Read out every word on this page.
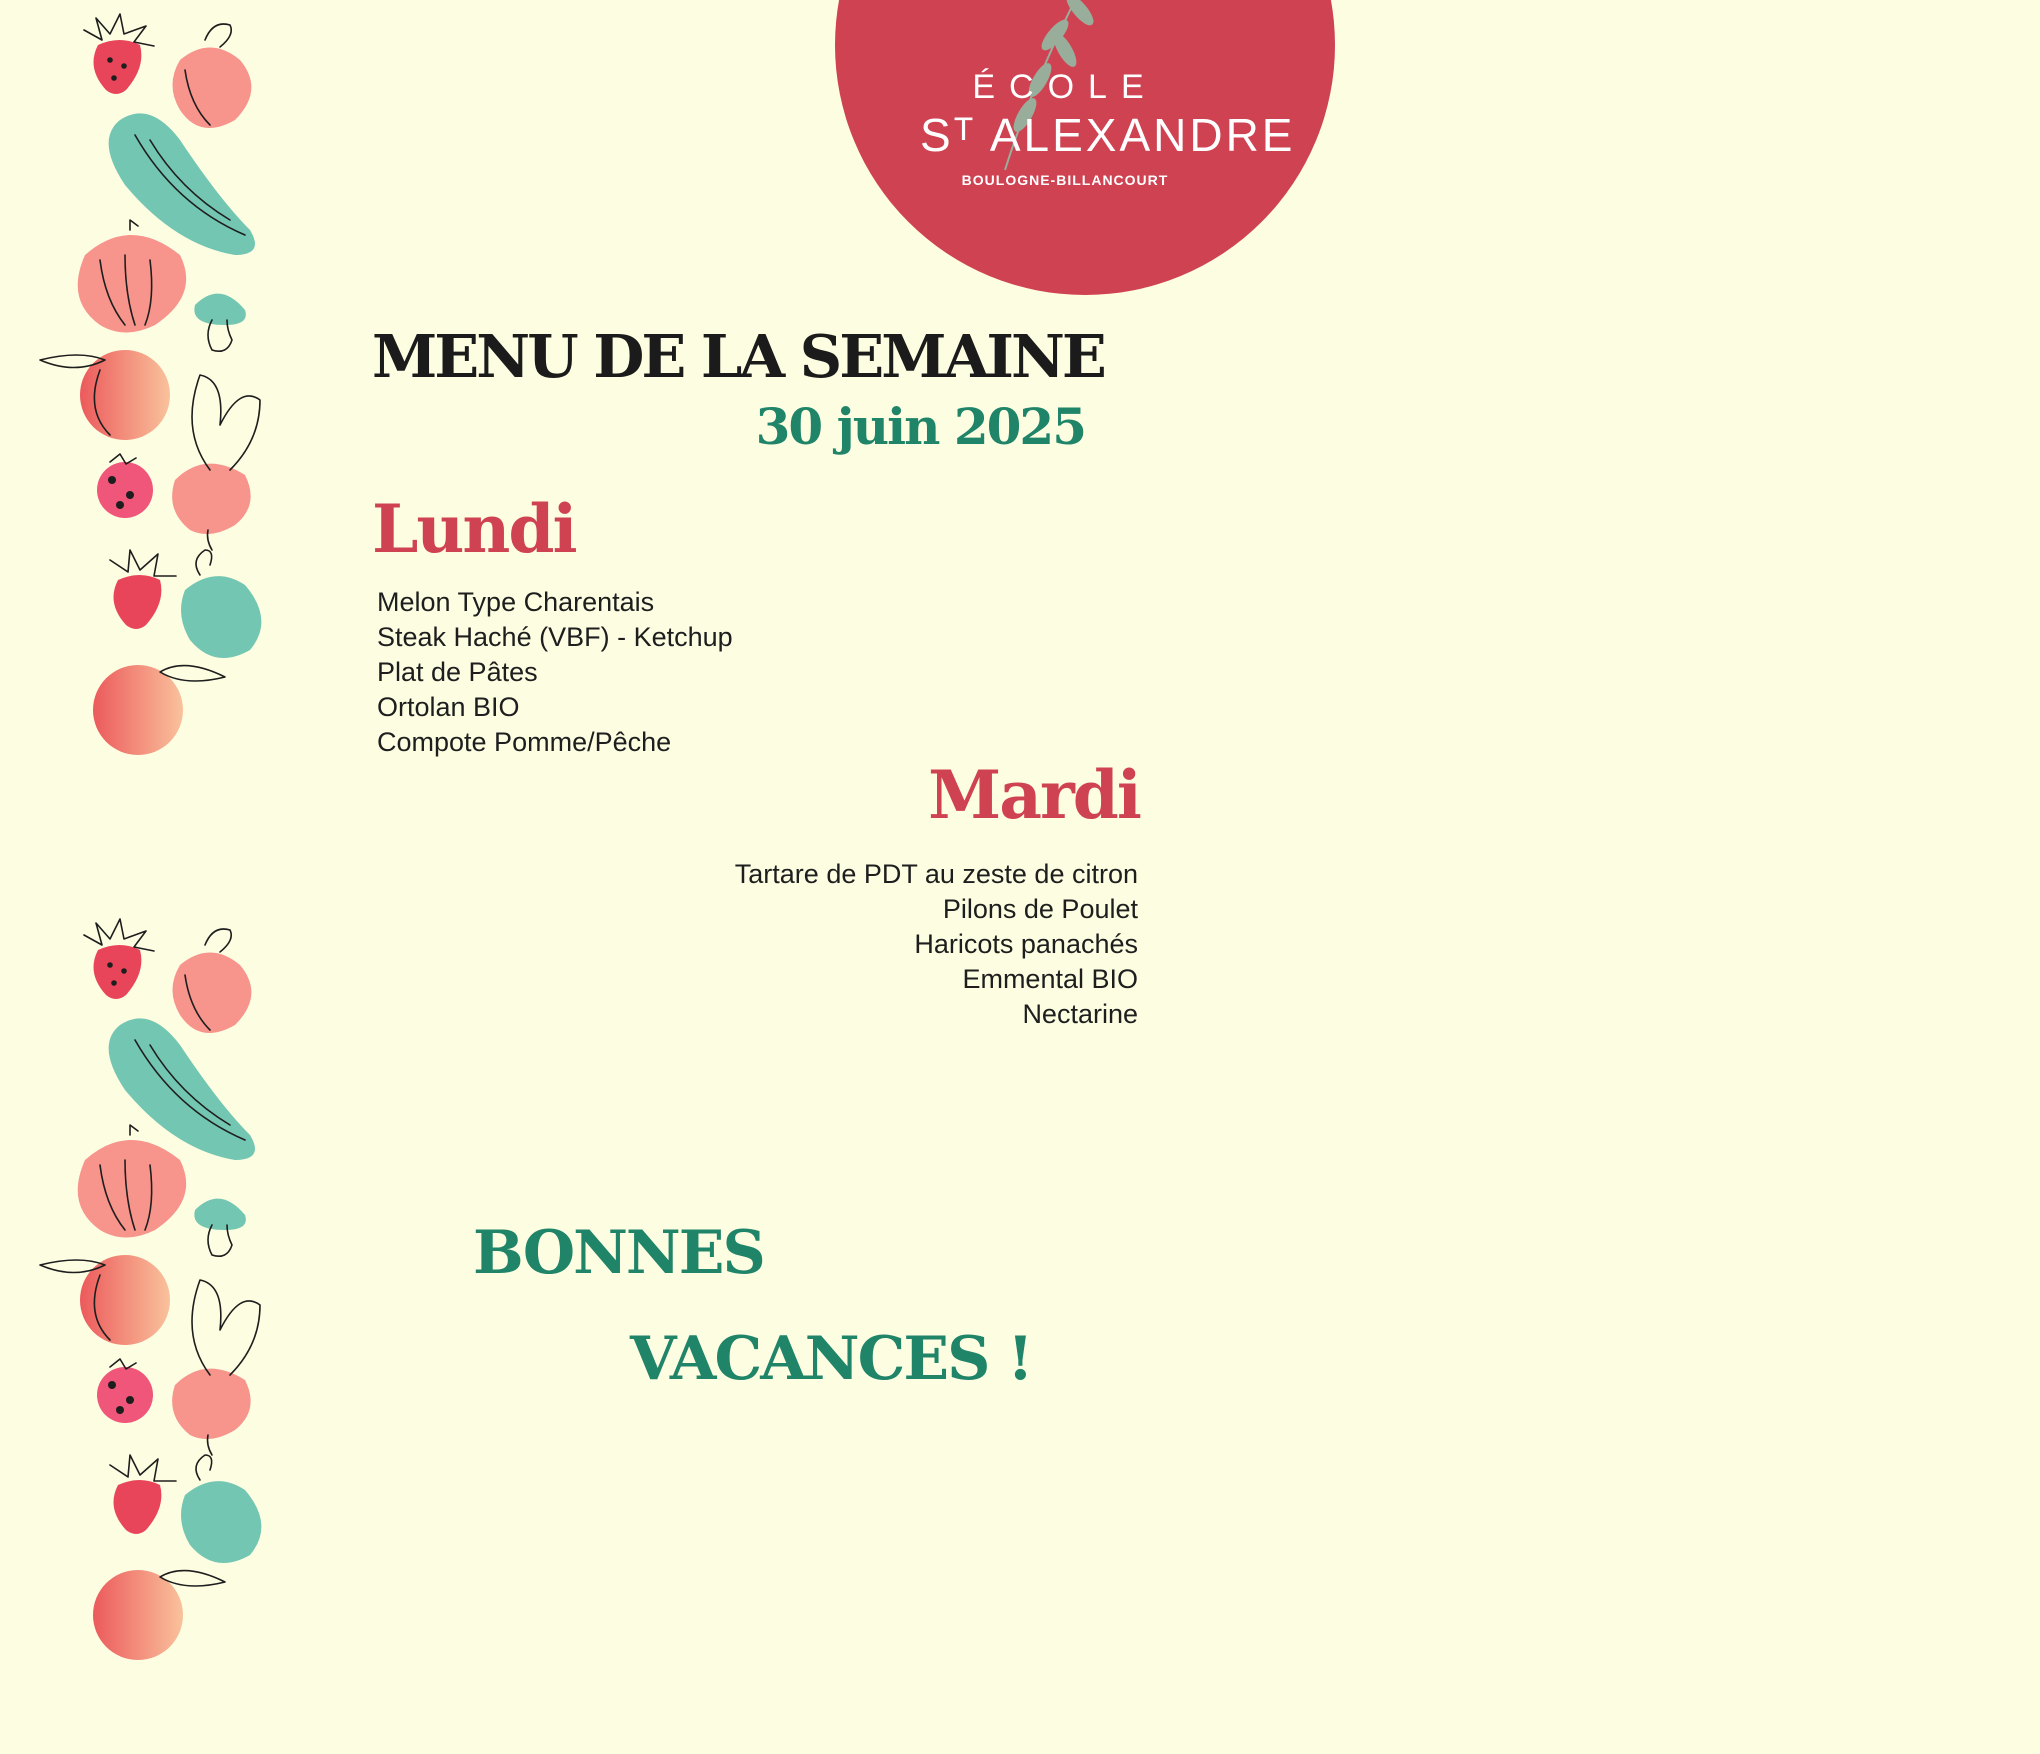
ÉCOLE
Sᵀ ALEXANDRE
BOULOGNE-BILLANCOURT
MENU DE LA SEMAINE
30 juin 2025
Lundi
Melon Type Charentais
Steak Haché (VBF) - Ketchup
Plat de Pâtes
Ortolan BIO
Compote Pomme/Pêche
Mardi
Tartare de PDT au zeste de citron
Pilons de Poulet
Haricots panachés
Emmental BIO
Nectarine
BONNES
VACANCES !
